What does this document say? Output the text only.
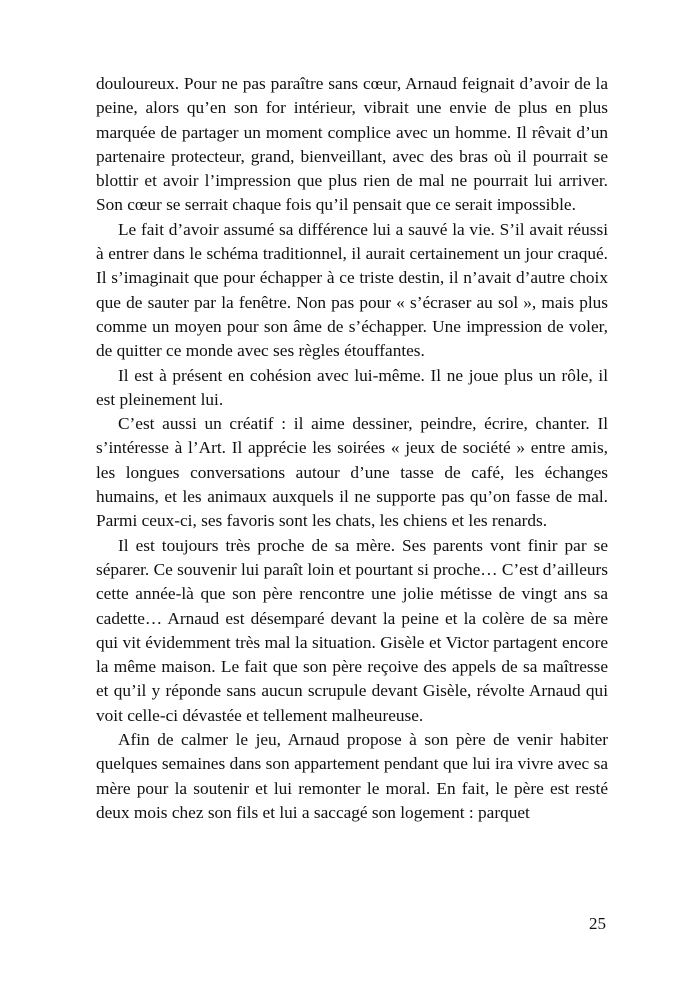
douloureux. Pour ne pas paraître sans cœur, Arnaud feignait d’avoir de la peine, alors qu’en son for intérieur, vibrait une envie de plus en plus marquée de partager un moment complice avec un homme. Il rêvait d’un partenaire protecteur, grand, bienveillant, avec des bras où il pourrait se blottir et avoir l’impression que plus rien de mal ne pourrait lui arriver. Son cœur se serrait chaque fois qu’il pensait que ce serait impossible.

Le fait d’avoir assumé sa différence lui a sauvé la vie. S’il avait réussi à entrer dans le schéma traditionnel, il aurait certainement un jour craqué. Il s’imaginait que pour échapper à ce triste destin, il n’avait d’autre choix que de sauter par la fenêtre. Non pas pour « s’écraser au sol », mais plus comme un moyen pour son âme de s’échapper. Une impression de voler, de quitter ce monde avec ses règles étouffantes.

Il est à présent en cohésion avec lui-même. Il ne joue plus un rôle, il est pleinement lui.

C’est aussi un créatif : il aime dessiner, peindre, écrire, chanter. Il s’intéresse à l’Art. Il apprécie les soirées « jeux de société » entre amis, les longues conversations autour d’une tasse de café, les échanges humains, et les animaux auxquels il ne supporte pas qu’on fasse de mal. Parmi ceux-ci, ses favoris sont les chats, les chiens et les renards.

Il est toujours très proche de sa mère. Ses parents vont finir par se séparer. Ce souvenir lui paraît loin et pourtant si proche… C’est d’ailleurs cette année-là que son père rencontre une jolie métisse de vingt ans sa cadette… Arnaud est désemparé devant la peine et la colère de sa mère qui vit évidemment très mal la situation. Gisèle et Victor partagent encore la même maison. Le fait que son père reçoive des appels de sa maîtresse et qu’il y réponde sans aucun scrupule devant Gisèle, révolte Arnaud qui voit celle-ci dévastée et tellement malheureuse.

Afin de calmer le jeu, Arnaud propose à son père de venir habiter quelques semaines dans son appartement pendant que lui ira vivre avec sa mère pour la soutenir et lui remonter le moral. En fait, le père est resté deux mois chez son fils et lui a saccagé son logement : parquet

25
